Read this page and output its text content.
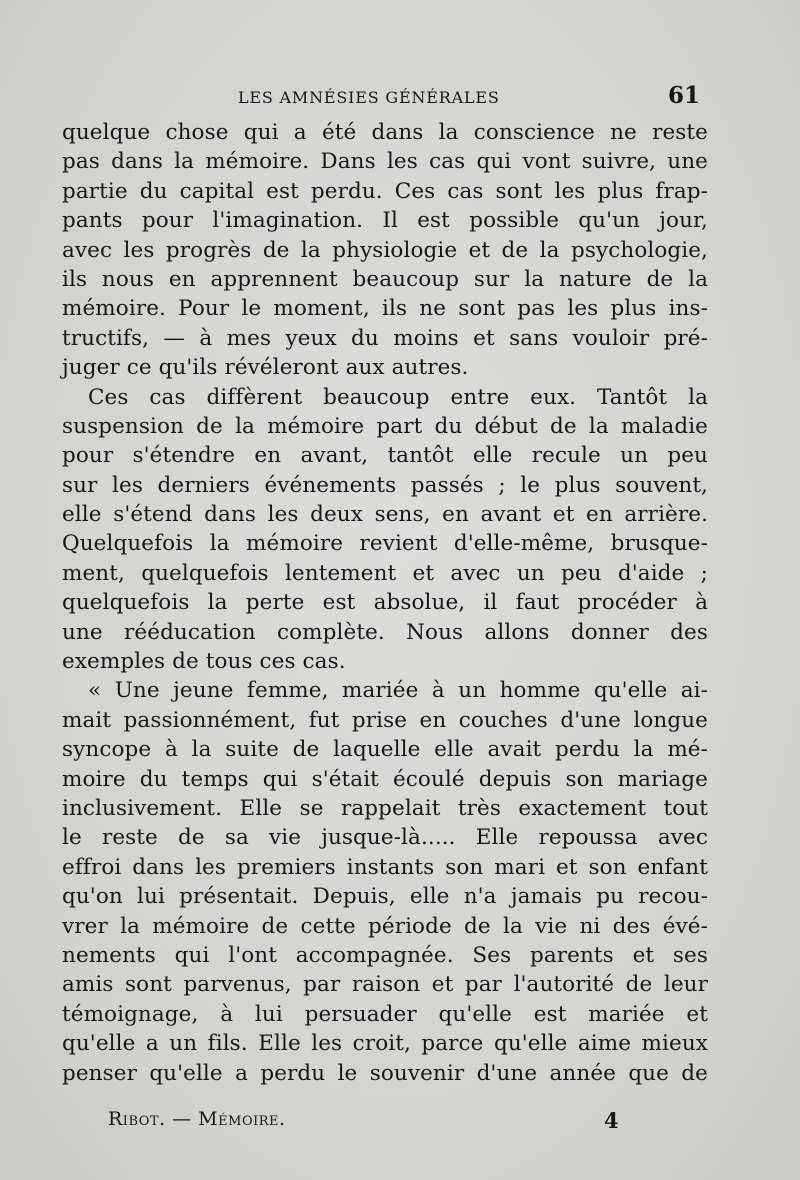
LES AMNÉSIES GÉNÉRALES	61
quelque chose qui a été dans la conscience ne reste
pas dans la mémoire. Dans les cas qui vont suivre, une
partie du capital est perdu. Ces cas sont les plus frap-
pants pour l'imagination. Il est possible qu'un jour,
avec les progrès de la physiologie et de la psychologie,
ils nous en apprennent beaucoup sur la nature de la
mémoire. Pour le moment, ils ne sont pas les plus ins-
tructifs, — à mes yeux du moins et sans vouloir pré-
juger ce qu'ils révéleront aux autres.
Ces cas diffèrent beaucoup entre eux. Tantôt la
suspension de la mémoire part du début de la maladie
pour s'étendre en avant, tantôt elle recule un peu
sur les derniers événements passés ; le plus souvent,
elle s'étend dans les deux sens, en avant et en arrière.
Quelquefois la mémoire revient d'elle-même, brusque-
ment, quelquefois lentement et avec un peu d'aide ;
quelquefois la perte est absolue, il faut procéder à
une rééducation complète. Nous allons donner des
exemples de tous ces cas.
« Une jeune femme, mariée à un homme qu'elle ai-
mait passionnément, fut prise en couches d'une longue
syncope à la suite de laquelle elle avait perdu la mé-
moire du temps qui s'était écoulé depuis son mariage
inclusivement. Elle se rappelait très exactement tout
le reste de sa vie jusque-là..... Elle repoussa avec
effroi dans les premiers instants son mari et son enfant
qu'on lui présentait. Depuis, elle n'a jamais pu recou-
vrer la mémoire de cette période de la vie ni des évé-
nements qui l'ont accompagnée. Ses parents et ses
amis sont parvenus, par raison et par l'autorité de leur
témoignage, à lui persuader qu'elle est mariée et
qu'elle a un fils. Elle les croit, parce qu'elle aime mieux
penser qu'elle a perdu le souvenir d'une année que de
Ribot. — Mémoire.	4
